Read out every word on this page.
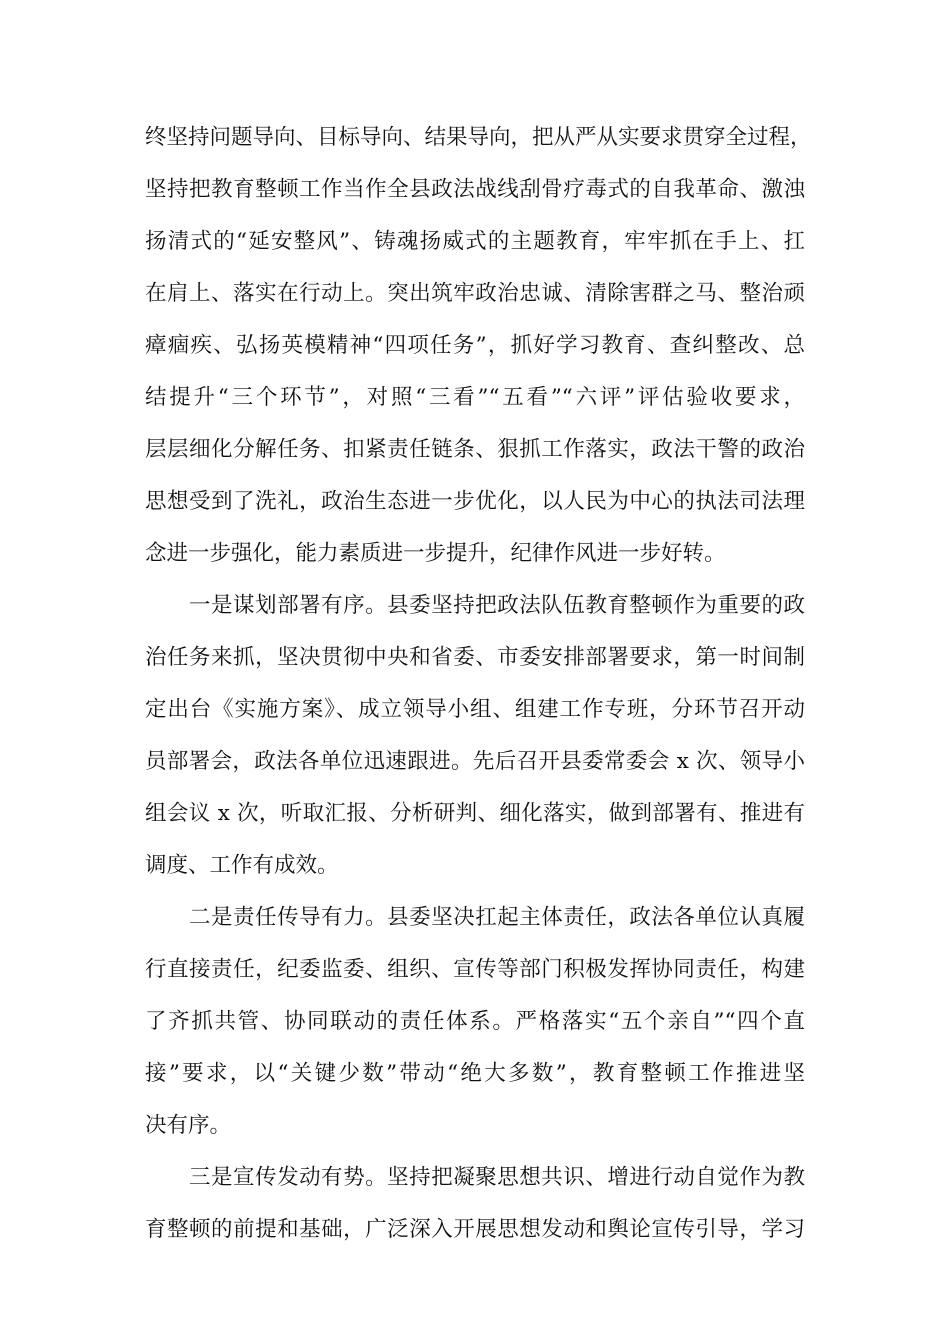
终坚持问题导向、目标导向、结果导向，把从严从实要求贯穿全过程，
坚持把教育整顿工作当作全县政法战线刮骨疗毒式的自我革命、激浊
扬清式的“延安整风”、铸魂扬威式的主题教育，牢牢抓在手上、扛
在肩上、落实在行动上。突出筑牢政治忠诚、清除害群之马、整治顽
瘴痼疾、弘扬英模精神“四项任务”，抓好学习教育、查纠整改、总
结提升“三个环节”，对照“三看”“五看”“六评”评估验收要求，
层层细化分解任务、扣紧责任链条、狠抓工作落实，政法干警的政治
思想受到了洗礼，政治生态进一步优化，以人民为中心的执法司法理
念进一步强化，能力素质进一步提升，纪律作风进一步好转。
一是谋划部署有序。县委坚持把政法队伍教育整顿作为重要的政
治任务来抓，坚决贯彻中央和省委、市委安排部署要求，第一时间制
定出台《实施方案》、成立领导小组、组建工作专班，分环节召开动
员部署会，政法各单位迅速跟进。先后召开县委常委会 x 次、领导小
组会议 x 次，听取汇报、分析研判、细化落实，做到部署有、推进有
调度、工作有成效。
二是责任传导有力。县委坚决扛起主体责任，政法各单位认真履
行直接责任，纪委监委、组织、宣传等部门积极发挥协同责任，构建
了齐抓共管、协同联动的责任体系。严格落实“五个亲自”“四个直
接”要求，以“关键少数”带动“绝大多数”，教育整顿工作推进坚
决有序。
三是宣传发动有势。坚持把凝聚思想共识、增进行动自觉作为教
育整顿的前提和基础，广泛深入开展思想发动和舆论宣传引导，学习
